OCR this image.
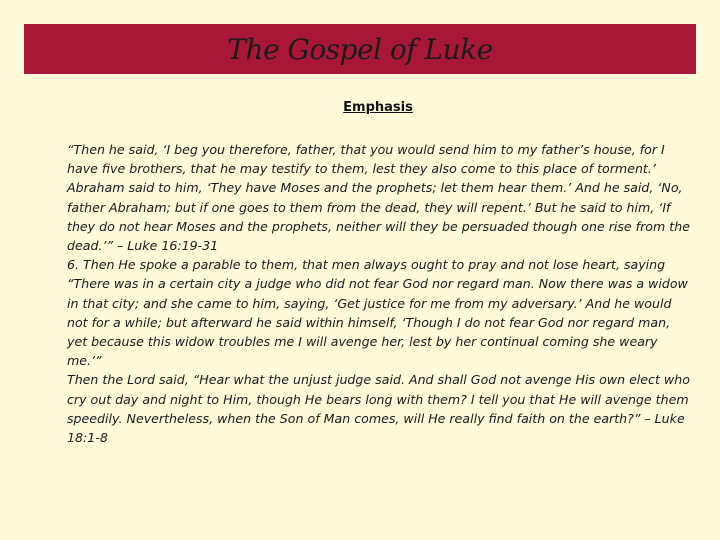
The Gospel of Luke
Emphasis

“Then he said, ‘I beg you therefore, father, that you would send him to my father’s house, for I have five brothers, that he may testify to them, lest they also come to this place of torment.’ Abraham said to him, ‘They have Moses and the prophets; let them hear them.’ And he said, ‘No, father Abraham; but if one goes to them from the dead, they will repent.’ But he said to him, ‘If they do not hear Moses and the prophets, neither will they be persuaded though one rise from the dead.’” – Luke 16:19-31

6. Then He spoke a parable to them, that men always ought to pray and not lose heart, saying “There was in a certain city a judge who did not fear God nor regard man. Now there was a widow in that city; and she came to him, saying, ‘Get justice for me from my adversary.’ And he would not for a while; but afterward he said within himself, ‘Though I do not fear God nor regard man, yet because this widow troubles me I will avenge her, lest by her continual coming she weary me.’”

Then the Lord said, “Hear what the unjust judge said. And shall God not avenge His own elect who cry out day and night to Him, though He bears long with them? I tell you that He will avenge them speedily. Nevertheless, when the Son of Man comes, will He really find faith on the earth?” – Luke 18:1-8
